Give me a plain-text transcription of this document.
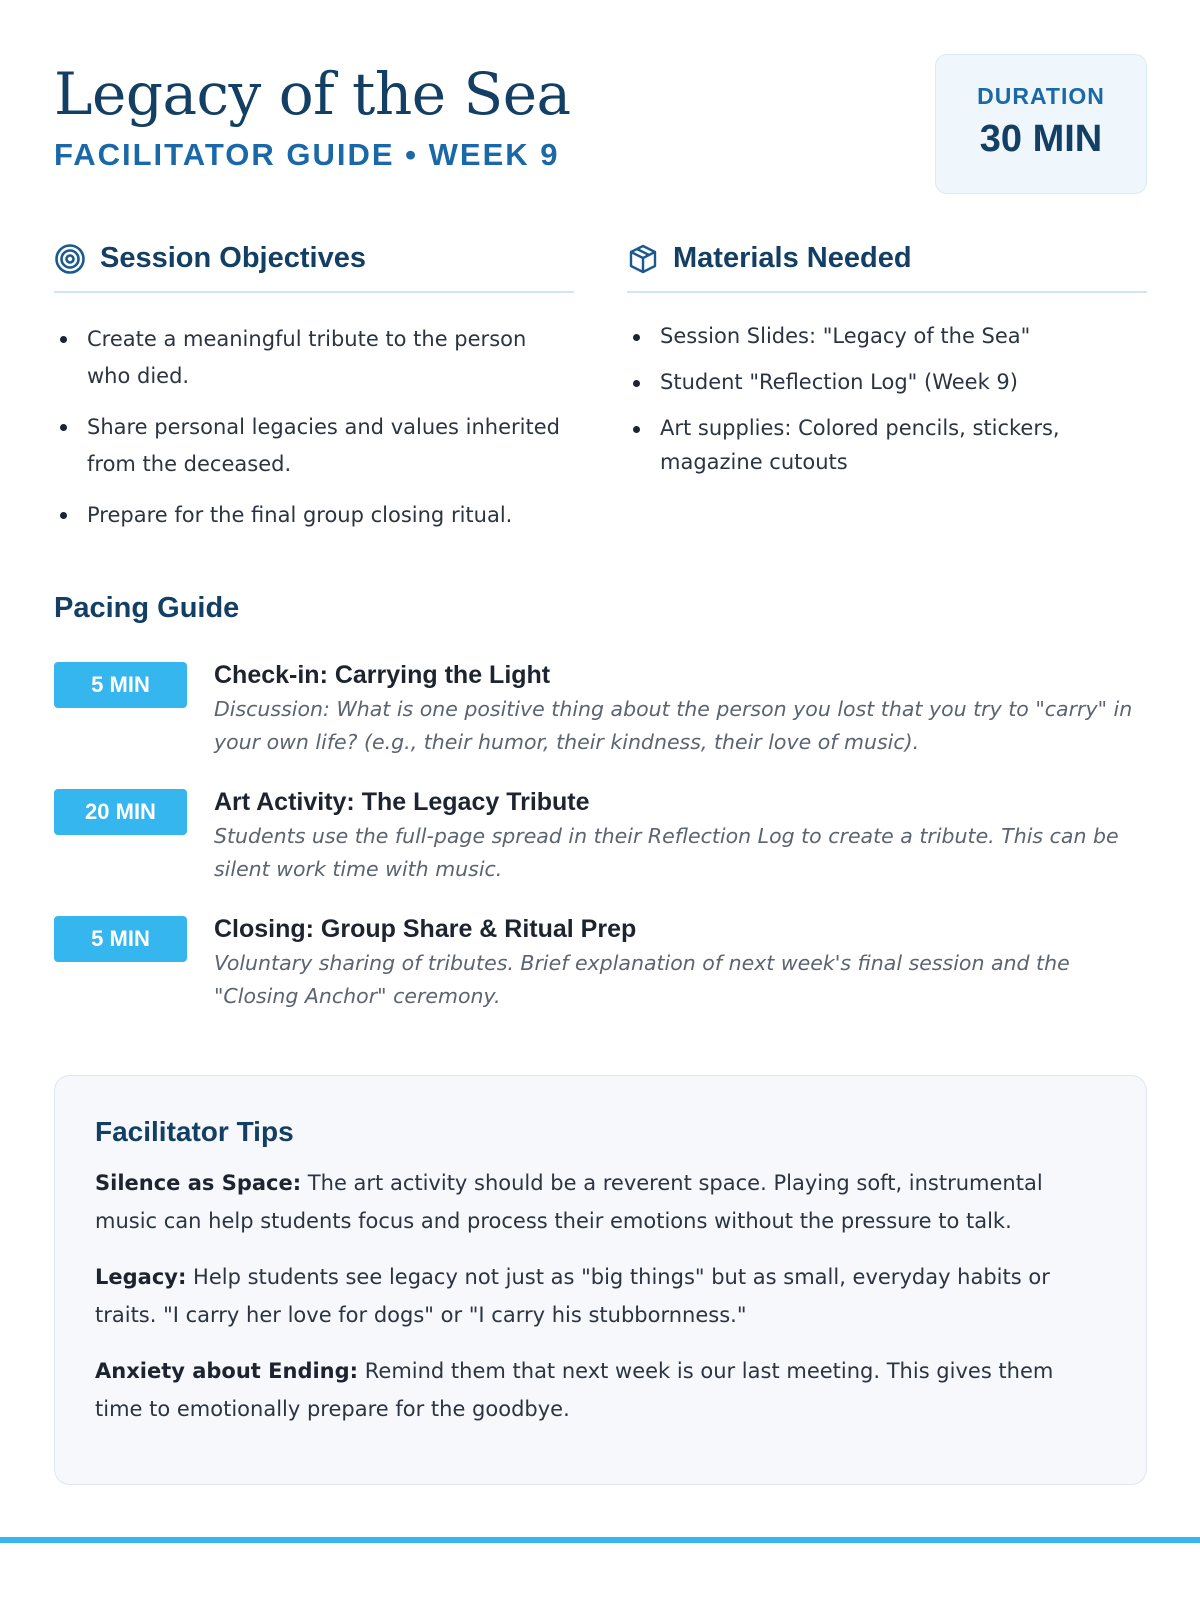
Legacy of the Sea
FACILITATOR GUIDE • WEEK 9
DURATION
30 MIN
Session Objectives
Create a meaningful tribute to the person who died.
Share personal legacies and values inherited from the deceased.
Prepare for the final group closing ritual.
Materials Needed
Session Slides: "Legacy of the Sea"
Student "Reflection Log" (Week 9)
Art supplies: Colored pencils, stickers, magazine cutouts
Pacing Guide
5 MIN	Check-in: Carrying the Light
Discussion: What is one positive thing about the person you lost that you try to "carry" in your own life? (e.g., their humor, their kindness, their love of music).
20 MIN	Art Activity: The Legacy Tribute
Students use the full-page spread in their Reflection Log to create a tribute. This can be silent work time with music.
5 MIN	Closing: Group Share & Ritual Prep
Voluntary sharing of tributes. Brief explanation of next week's final session and the "Closing Anchor" ceremony.
Facilitator Tips

Silence as Space: The art activity should be a reverent space. Playing soft, instrumental music can help students focus and process their emotions without the pressure to talk.

Legacy: Help students see legacy not just as "big things" but as small, everyday habits or traits. "I carry her love for dogs" or "I carry his stubbornness."

Anxiety about Ending: Remind them that next week is our last meeting. This gives them time to emotionally prepare for the goodbye.
